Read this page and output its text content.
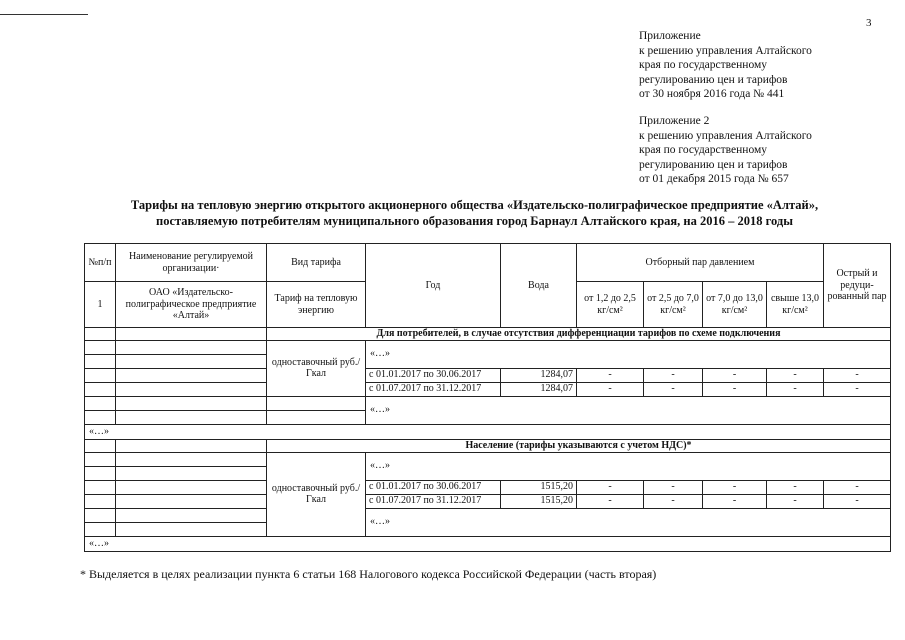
3
Приложение
к решению управления Алтайского
края по государственному
регулированию цен и тарифов
от 30 ноября 2016 года № 441
Приложение 2
к решению управления Алтайского
края по государственному
регулированию цен и тарифов
от 01 декабря 2015 года № 657
Тарифы на тепловую энергию открытого акционерного общества «Издательско-полиграфическое предприятие «Алтай»,
поставляемую потребителям муниципального образования город Барнаул Алтайского края, на 2016 – 2018 годы
№п/п	Наименование регулируемой организации·	Вид тарифа	Год	Вода	Отборный пар давлением				Острый и редуци-рованный пар
1	ОАО «Издательско-полиграфическое предприятие «Алтай»	Тариф на тепловую энергию			от 1,2 до 2,5 кг/см²	от 2,5 до 7,0 кг/см²	от 7,0 до 13,0 кг/см²	свыше 13,0 кг/см²	
		Для потребителей, в случае отсутствия дифференциации тарифов по схеме подключения							
		одноставочный руб./Гкал	«…»						

			с 01.01.2017 по 30.06.2017	1284,07	-	-	-	-	-
			с 01.07.2017 по 31.12.2017	1284,07	-	-	-	-	-
			«…»						

«…»									
		Население (тарифы указываются с учетом НДС)*							
		одноставочный руб./Гкал	«…»						

			с 01.01.2017 по 30.06.2017	1515,20	-	-	-	-	-
			с 01.07.2017 по 31.12.2017	1515,20	-	-	-	-	-
			«…»						

«…»									
* Выделяется в целях реализации пункта 6 статьи 168 Налогового кодекса Российской Федерации (часть вторая)
